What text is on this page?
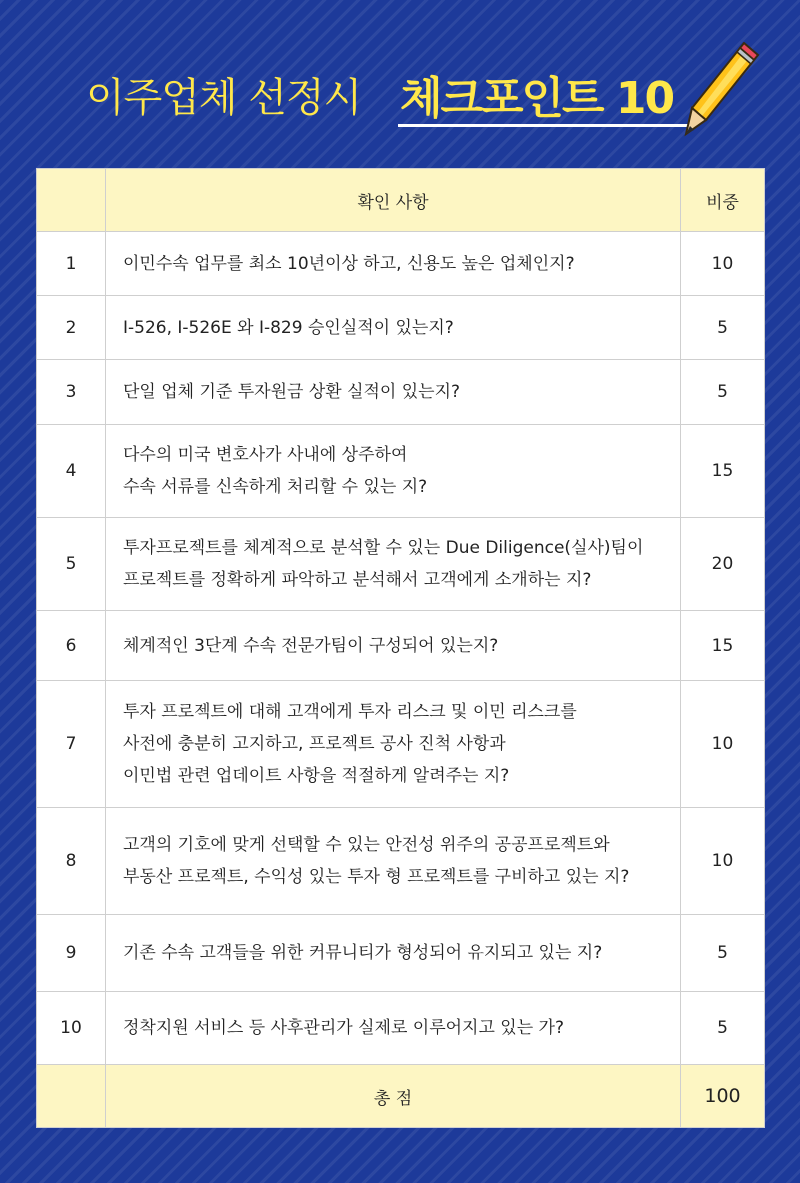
이주업체 선정시 체크포인트 10
	확인 사항	비중
1	이민수속 업무를 최소 10년이상 하고, 신용도 높은 업체인지?	10
2	I-526, I-526E 와 I-829 승인실적이 있는지?	5
3	단일 업체 기준 투자원금 상환 실적이 있는지?	5
4	다수의 미국 변호사가 사내에 상주하여
수속 서류를 신속하게 처리할 수 있는 지?	15
5	투자프로젝트를 체계적으로 분석할 수 있는 Due Diligence(실사)팀이
프로젝트를 정확하게 파악하고 분석해서 고객에게 소개하는 지?	20
6	체계적인 3단계 수속 전문가팀이 구성되어 있는지?	15
7	투자 프로젝트에 대해 고객에게 투자 리스크 및 이민 리스크를
사전에 충분히 고지하고, 프로젝트 공사 진척 사항과
이민법 관련 업데이트 사항을 적절하게 알려주는 지?	10
8	고객의 기호에 맞게 선택할 수 있는 안전성 위주의 공공프로젝트와
부동산 프로젝트, 수익성 있는 투자 형 프로젝트를 구비하고 있는 지?	10
9	기존 수속 고객들을 위한 커뮤니티가 형성되어 유지되고 있는 지?	5
10	정착지원 서비스 등 사후관리가 실제로 이루어지고 있는 가?	5
	총 점	100
